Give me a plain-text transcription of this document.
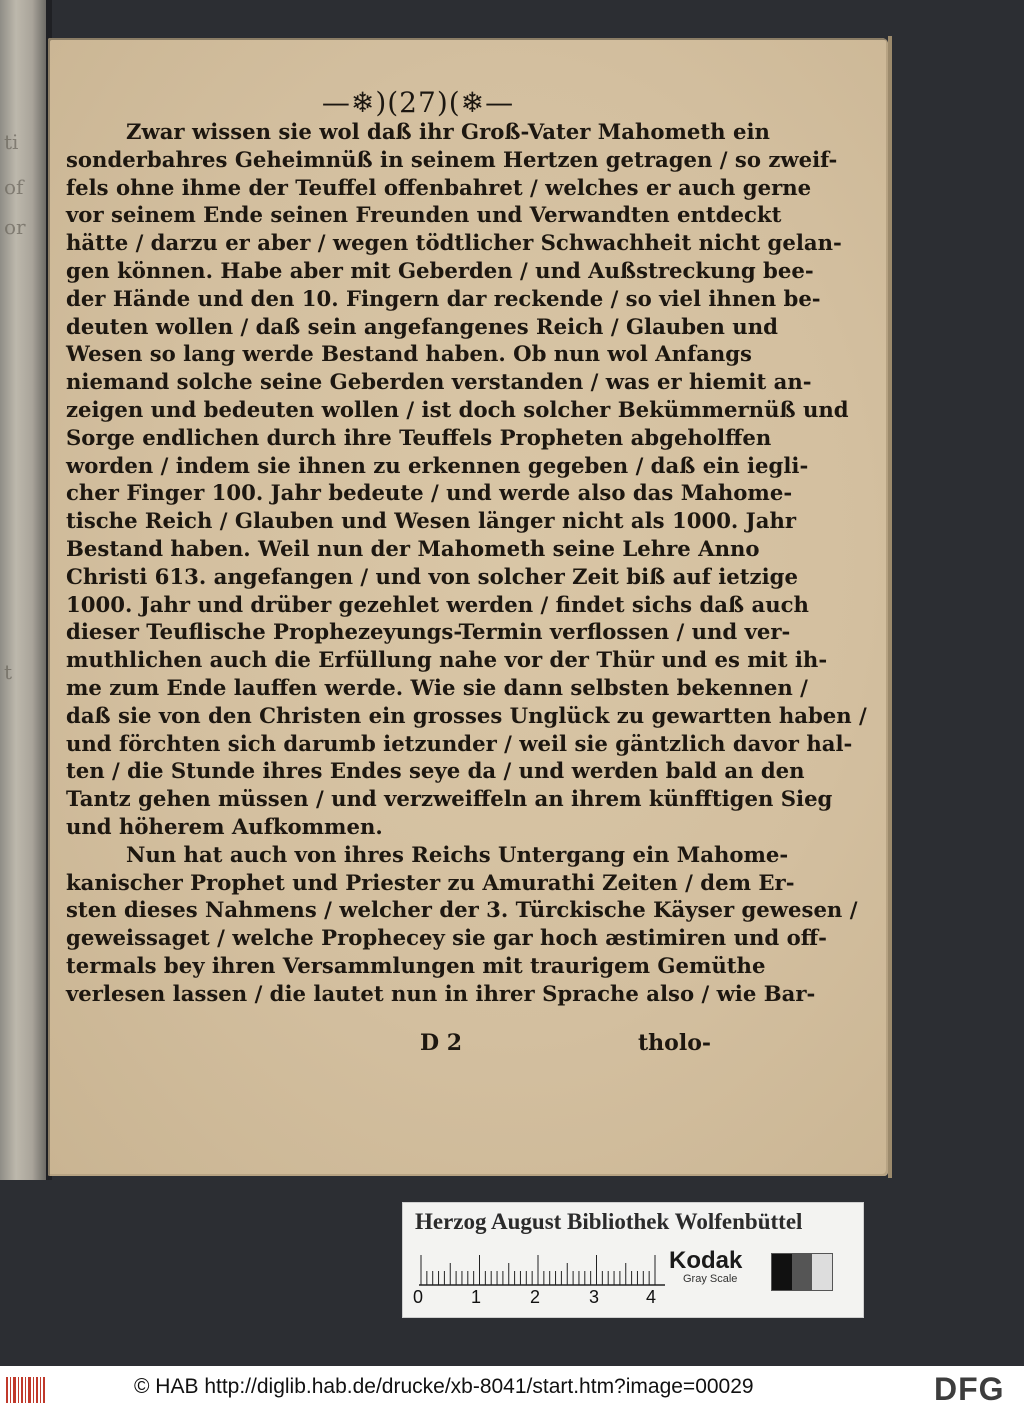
ti
of
or
t
—❄)(27)(❄—
Zwar wissen sie wol daß ihr Groß-Vater Mahometh ein
sonderbahres Geheimnüß in seinem Hertzen getragen / so zweif-
fels ohne ihme der Teuffel offenbahret / welches er auch gerne
vor seinem Ende seinen Freunden und Verwandten entdeckt
hätte / darzu er aber / wegen tödtlicher Schwachheit nicht gelan-
gen können. Habe aber mit Geberden / und Außstreckung bee-
der Hände und den 10. Fingern dar reckende / so viel ihnen be-
deuten wollen / daß sein angefangenes Reich / Glauben und
Wesen so lang werde Bestand haben. Ob nun wol Anfangs
niemand solche seine Geberden verstanden / was er hiemit an-
zeigen und bedeuten wollen / ist doch solcher Bekümmernüß und
Sorge endlichen durch ihre Teuffels Propheten abgeholffen
worden / indem sie ihnen zu erkennen gegeben / daß ein iegli-
cher Finger 100. Jahr bedeute / und werde also das Mahome-
tische Reich / Glauben und Wesen länger nicht als 1000. Jahr
Bestand haben. Weil nun der Mahometh seine Lehre Anno
Christi 613. angefangen / und von solcher Zeit biß auf ietzige
1000. Jahr und drüber gezehlet werden / findet sichs daß auch
dieser Teuflische Prophezeyungs-Termin verflossen / und ver-
muthlichen auch die Erfüllung nahe vor der Thür und es mit ih-
me zum Ende lauffen werde. Wie sie dann selbsten bekennen /
daß sie von den Christen ein grosses Unglück zu gewartten haben /
und förchten sich darumb ietzunder / weil sie gäntzlich davor hal-
ten / die Stunde ihres Endes seye da / und werden bald an den
Tantz gehen müssen / und verzweiffeln an ihrem künfftigen Sieg
und höherem Aufkommen.
Nun hat auch von ihres Reichs Untergang ein Mahome-
kanischer Prophet und Priester zu Amurathi Zeiten / dem Er-
sten dieses Nahmens / welcher der 3. Türckische Käyser gewesen /
geweissaget / welche Prophecey sie gar hoch æstimiren und off-
termals bey ihren Versammlungen mit traurigem Gemüthe
verlesen lassen / die lautet nun in ihrer Sprache also / wie Bar-
D 2	tholo-
Herzog August Bibliothek Wolfenbüttel
0	1	2	3	4
Kodak
Gray Scale
© HAB http://diglib.hab.de/drucke/xb-8041/start.htm?image=00029	DFG
